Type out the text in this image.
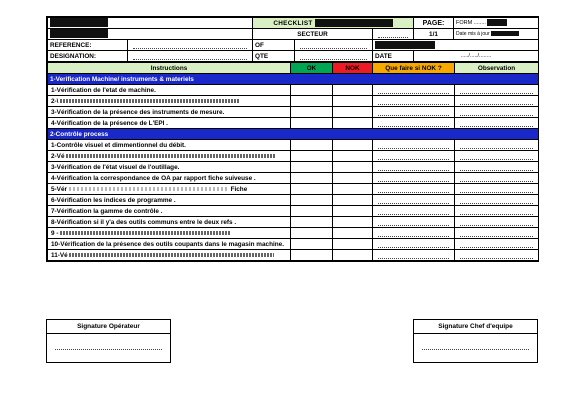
		CHECKLIST			PAGE:	FORM ........
		SECTEUR			1/1	Date mis à jour
REFERENCE:		OF			

DESIGNATION:		QTE		DATE	...../...../........	
Instructions	OK	NOK	Que faire si NOK ?	Observation
1-Verification Machine/ instruments & materiels				
1-Vérification de l'etat de machine.			

2-\			

3-Vérification de la présence des instruments de mesure.			

4-Vérification de la présence de L'EPI .			

2-Contrôle process				
1-Contrôle visuel et dimmentionnel du débit.			

2-Vé			

3-Vérification de l'état visuel de l'outillage.			

4-Vérification la correspondance de OA par rapport fiche suiveuse .			

5-Vér Fiche			

6-Vérification les indices de programme .			

7-Vérification la gamme de contrôle .			

8-Vérification si il y'a des outils communs entre le deux refs .			

9 -			

10-Vérification de la présence des outils coupants dans le magasin machine.			

11-Vé			

Signature Opérateur	Signature Chef d'equipe
